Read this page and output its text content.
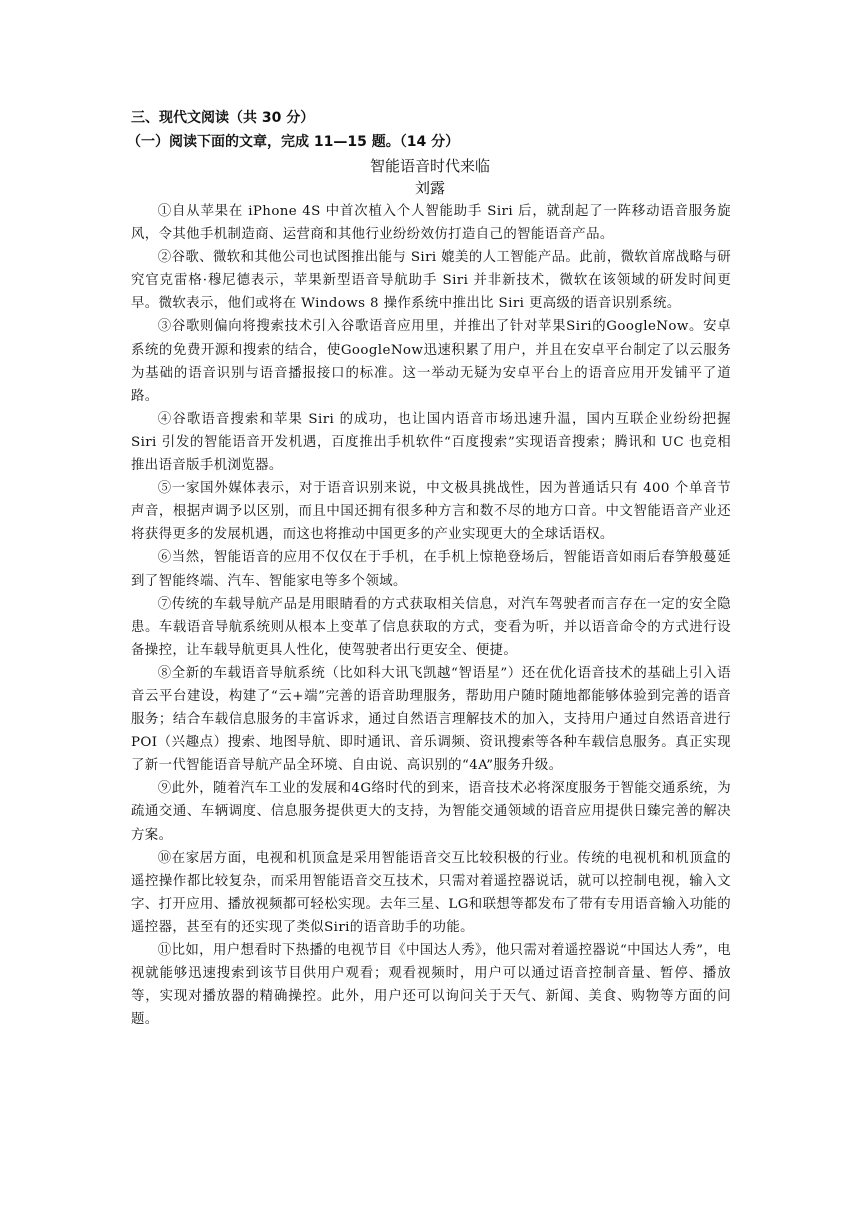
三、现代文阅读（共 30 分）
（一）阅读下面的文章，完成 11—15 题。（14 分）
智能语音时代来临
刘露

①自从苹果在 iPhone 4S 中首次植入个人智能助手 Siri 后，就刮起了一阵移动语音服务旋风，令其他手机制造商、运营商和其他行业纷纷效仿打造自己的智能语音产品。

②谷歌、微软和其他公司也试图推出能与 Siri 媲美的人工智能产品。此前，微软首席战略与研究官克雷格·穆尼德表示，苹果新型语音导航助手 Siri 并非新技术，微软在该领域的研发时间更早。微软表示，他们或将在 Windows 8 操作系统中推出比 Siri 更高级的语音识别系统。

③谷歌则偏向将搜索技术引入谷歌语音应用里，并推出了针对苹果Siri的GoogleNow。安卓系统的免费开源和搜索的结合，使GoogleNow迅速积累了用户，并且在安卓平台制定了以云服务为基础的语音识别与语音播报接口的标准。这一举动无疑为安卓平台上的语音应用开发铺平了道路。

④谷歌语音搜索和苹果 Siri 的成功，也让国内语音市场迅速升温，国内互联企业纷纷把握 Siri 引发的智能语音开发机遇，百度推出手机软件“百度搜索”实现语音搜索；腾讯和 UC 也竞相推出语音版手机浏览器。

⑤一家国外媒体表示，对于语音识别来说，中文极具挑战性，因为普通话只有 400 个单音节声音，根据声调予以区别，而且中国还拥有很多种方言和数不尽的地方口音。中文智能语音产业还将获得更多的发展机遇，而这也将推动中国更多的产业实现更大的全球话语权。

⑥当然，智能语音的应用不仅仅在于手机，在手机上惊艳登场后，智能语音如雨后春笋般蔓延到了智能终端、汽车、智能家电等多个领域。

⑦传统的车载导航产品是用眼睛看的方式获取相关信息，对汽车驾驶者而言存在一定的安全隐患。车载语音导航系统则从根本上变革了信息获取的方式，变看为听，并以语音命令的方式进行设备操控，让车载导航更具人性化，使驾驶者出行更安全、便捷。

⑧全新的车载语音导航系统（比如科大讯飞凯越“智语星”）还在优化语音技术的基础上引入语音云平台建设，构建了“云+端”完善的语音助理服务，帮助用户随时随地都能够体验到完善的语音服务；结合车载信息服务的丰富诉求，通过自然语言理解技术的加入，支持用户通过自然语音进行POI（兴趣点）搜索、地图导航、即时通讯、音乐调频、资讯搜索等各种车载信息服务。真正实现了新一代智能语音导航产品全环境、自由说、高识别的“4A”服务升级。

⑨此外，随着汽车工业的发展和4G络时代的到来，语音技术必将深度服务于智能交通系统，为疏通交通、车辆调度、信息服务提供更大的支持，为智能交通领域的语音应用提供日臻完善的解决方案。

⑩在家居方面，电视和机顶盒是采用智能语音交互比较积极的行业。传统的电视机和机顶盒的遥控操作都比较复杂，而采用智能语音交互技术，只需对着遥控器说话，就可以控制电视，输入文字、打开应用、播放视频都可轻松实现。去年三星、LG和联想等都发布了带有专用语音输入功能的遥控器，甚至有的还实现了类似Siri的语音助手的功能。

⑪比如，用户想看时下热播的电视节目《中国达人秀》，他只需对着遥控器说“中国达人秀”，电视就能够迅速搜索到该节目供用户观看；观看视频时，用户可以通过语音控制音量、暂停、播放等，实现对播放器的精确操控。此外，用户还可以询问关于天气、新闻、美食、购物等方面的问题。
